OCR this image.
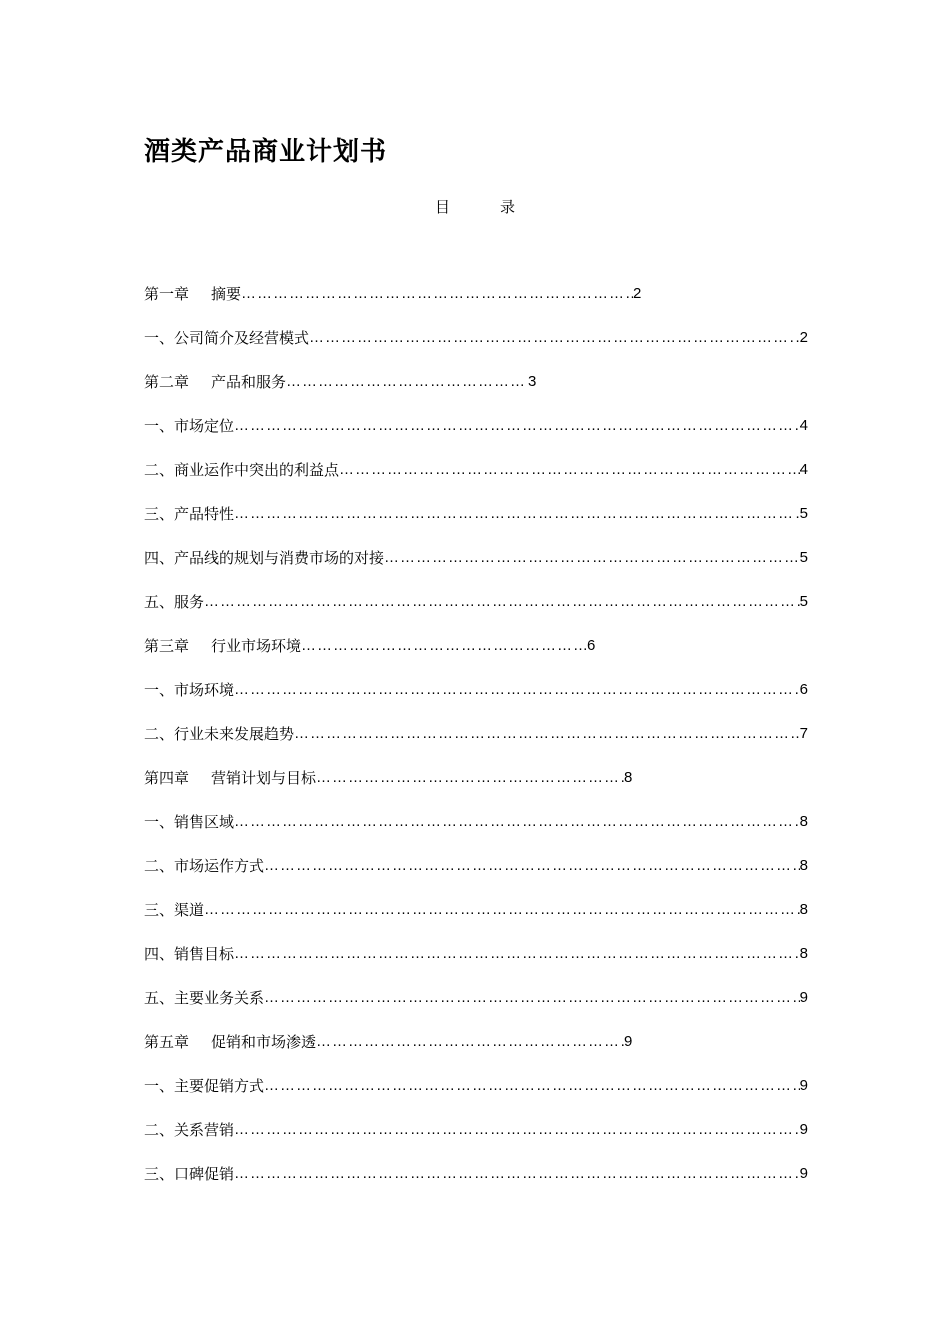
酒类产品商业计划书
目	录
第一章 摘要 …………………………………………………………………………………………………………………………………………………………………………………………………………	2
一、公司简介及经营模式 …………………………………………………………………………………………………………………………………………………………………………………………………………	.2
第二章 产品和服务 …………………………………………………………………………………………………………………………………………………………………………………………………………	3
一、市场定位 …………………………………………………………………………………………………………………………………………………………………………………………………………	4
二、商业运作中突出的利益点 …………………………………………………………………………………………………………………………………………………………………………………………………………	4
三、产品特性 …………………………………………………………………………………………………………………………………………………………………………………………………………	.5
四、产品线的规划与消费市场的对接 …………………………………………………………………………………………………………………………………………………………………………………………………………	5
五、服务 …………………………………………………………………………………………………………………………………………………………………………………………………………	5
第三章 行业市场环境 …………………………………………………………………………………………………………………………………………………………………………………………………………	6
一、市场环境 …………………………………………………………………………………………………………………………………………………………………………………………………………	6
二、行业未来发展趋势 …………………………………………………………………………………………………………………………………………………………………………………………………………	7
第四章 营销计划与目标 …………………………………………………………………………………………………………………………………………………………………………………………………………	8
一、销售区域 …………………………………………………………………………………………………………………………………………………………………………………………………………	8
二、市场运作方式 …………………………………………………………………………………………………………………………………………………………………………………………………………	8
三、渠道 …………………………………………………………………………………………………………………………………………………………………………………………………………	8
四、销售目标 …………………………………………………………………………………………………………………………………………………………………………………………………………	8
五、主要业务关系 …………………………………………………………………………………………………………………………………………………………………………………………………………	9
第五章 促销和市场渗透 …………………………………………………………………………………………………………………………………………………………………………………………………………	9
一、主要促销方式 …………………………………………………………………………………………………………………………………………………………………………………………………………	9
二、关系营销 …………………………………………………………………………………………………………………………………………………………………………………………………………	9
三、口碑促销 …………………………………………………………………………………………………………………………………………………………………………………………………………	9
